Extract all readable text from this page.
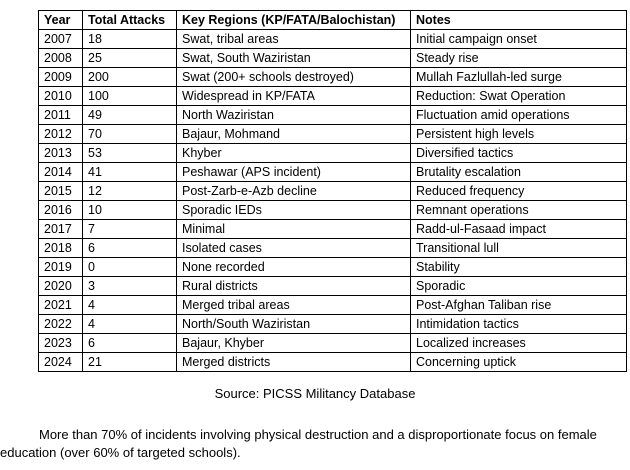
Year	Total Attacks	Key Regions (KP/FATA/Balochistan)	Notes
2007	18	Swat, tribal areas	Initial campaign onset
2008	25	Swat, South Waziristan	Steady rise
2009	200	Swat (200+ schools destroyed)	Mullah Fazlullah-led surge
2010	100	Widespread in KP/FATA	Reduction: Swat Operation
2011	49	North Waziristan	Fluctuation amid operations
2012	70	Bajaur, Mohmand	Persistent high levels
2013	53	Khyber	Diversified tactics
2014	41	Peshawar (APS incident)	Brutality escalation
2015	12	Post-Zarb-e-Azb decline	Reduced frequency
2016	10	Sporadic IEDs	Remnant operations
2017	7	Minimal	Radd-ul-Fasaad impact
2018	6	Isolated cases	Transitional lull
2019	0	None recorded	Stability
2020	3	Rural districts	Sporadic
2021	4	Merged tribal areas	Post-Afghan Taliban rise
2022	4	North/South Waziristan	Intimidation tactics
2023	6	Bajaur, Khyber	Localized increases
2024	21	Merged districts	Concerning uptick
Source: PICSS Militancy Database
More than 70% of incidents involving physical destruction and a disproportionate focus on female education (over 60% of targeted schools).
